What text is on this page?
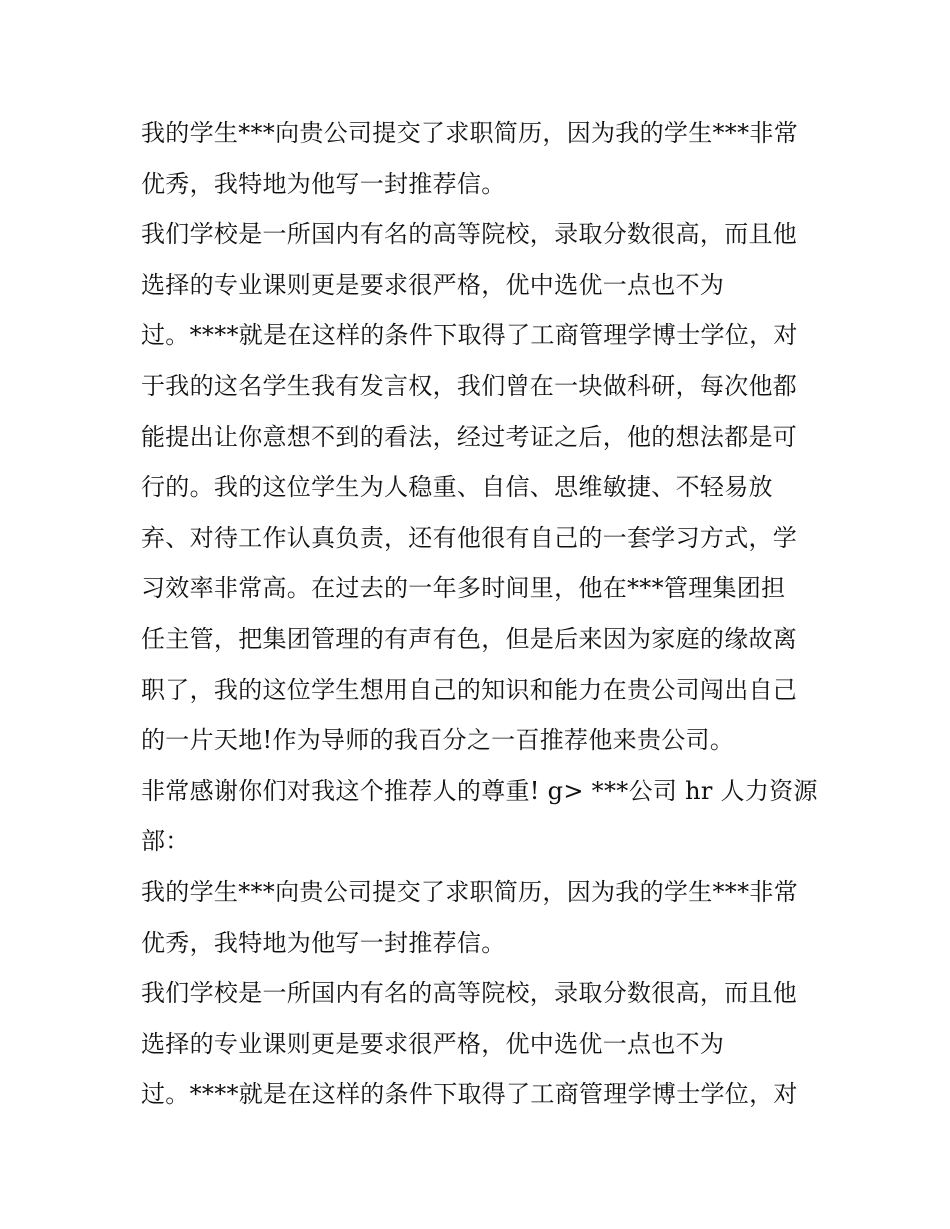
我的学生***向贵公司提交了求职简历，因为我的学生***非常
优秀，我特地为他写一封推荐信。
我们学校是一所国内有名的高等院校，录取分数很高，而且他
选择的专业课则更是要求很严格，优中选优一点也不为
过。****就是在这样的条件下取得了工商管理学博士学位，对
于我的这名学生我有发言权，我们曾在一块做科研，每次他都
能提出让你意想不到的看法，经过考证之后，他的想法都是可
行的。我的这位学生为人稳重、自信、思维敏捷、不轻易放
弃、对待工作认真负责，还有他很有自己的一套学习方式，学
习效率非常高。在过去的一年多时间里，他在***管理集团担
任主管，把集团管理的有声有色，但是后来因为家庭的缘故离
职了，我的这位学生想用自己的知识和能力在贵公司闯出自己
的一片天地!作为导师的我百分之一百推荐他来贵公司。
非常感谢你们对我这个推荐人的尊重! g> ***公司 hr 人力资源
部：
我的学生***向贵公司提交了求职简历，因为我的学生***非常
优秀，我特地为他写一封推荐信。
我们学校是一所国内有名的高等院校，录取分数很高，而且他
选择的专业课则更是要求很严格，优中选优一点也不为
过。****就是在这样的条件下取得了工商管理学博士学位，对
